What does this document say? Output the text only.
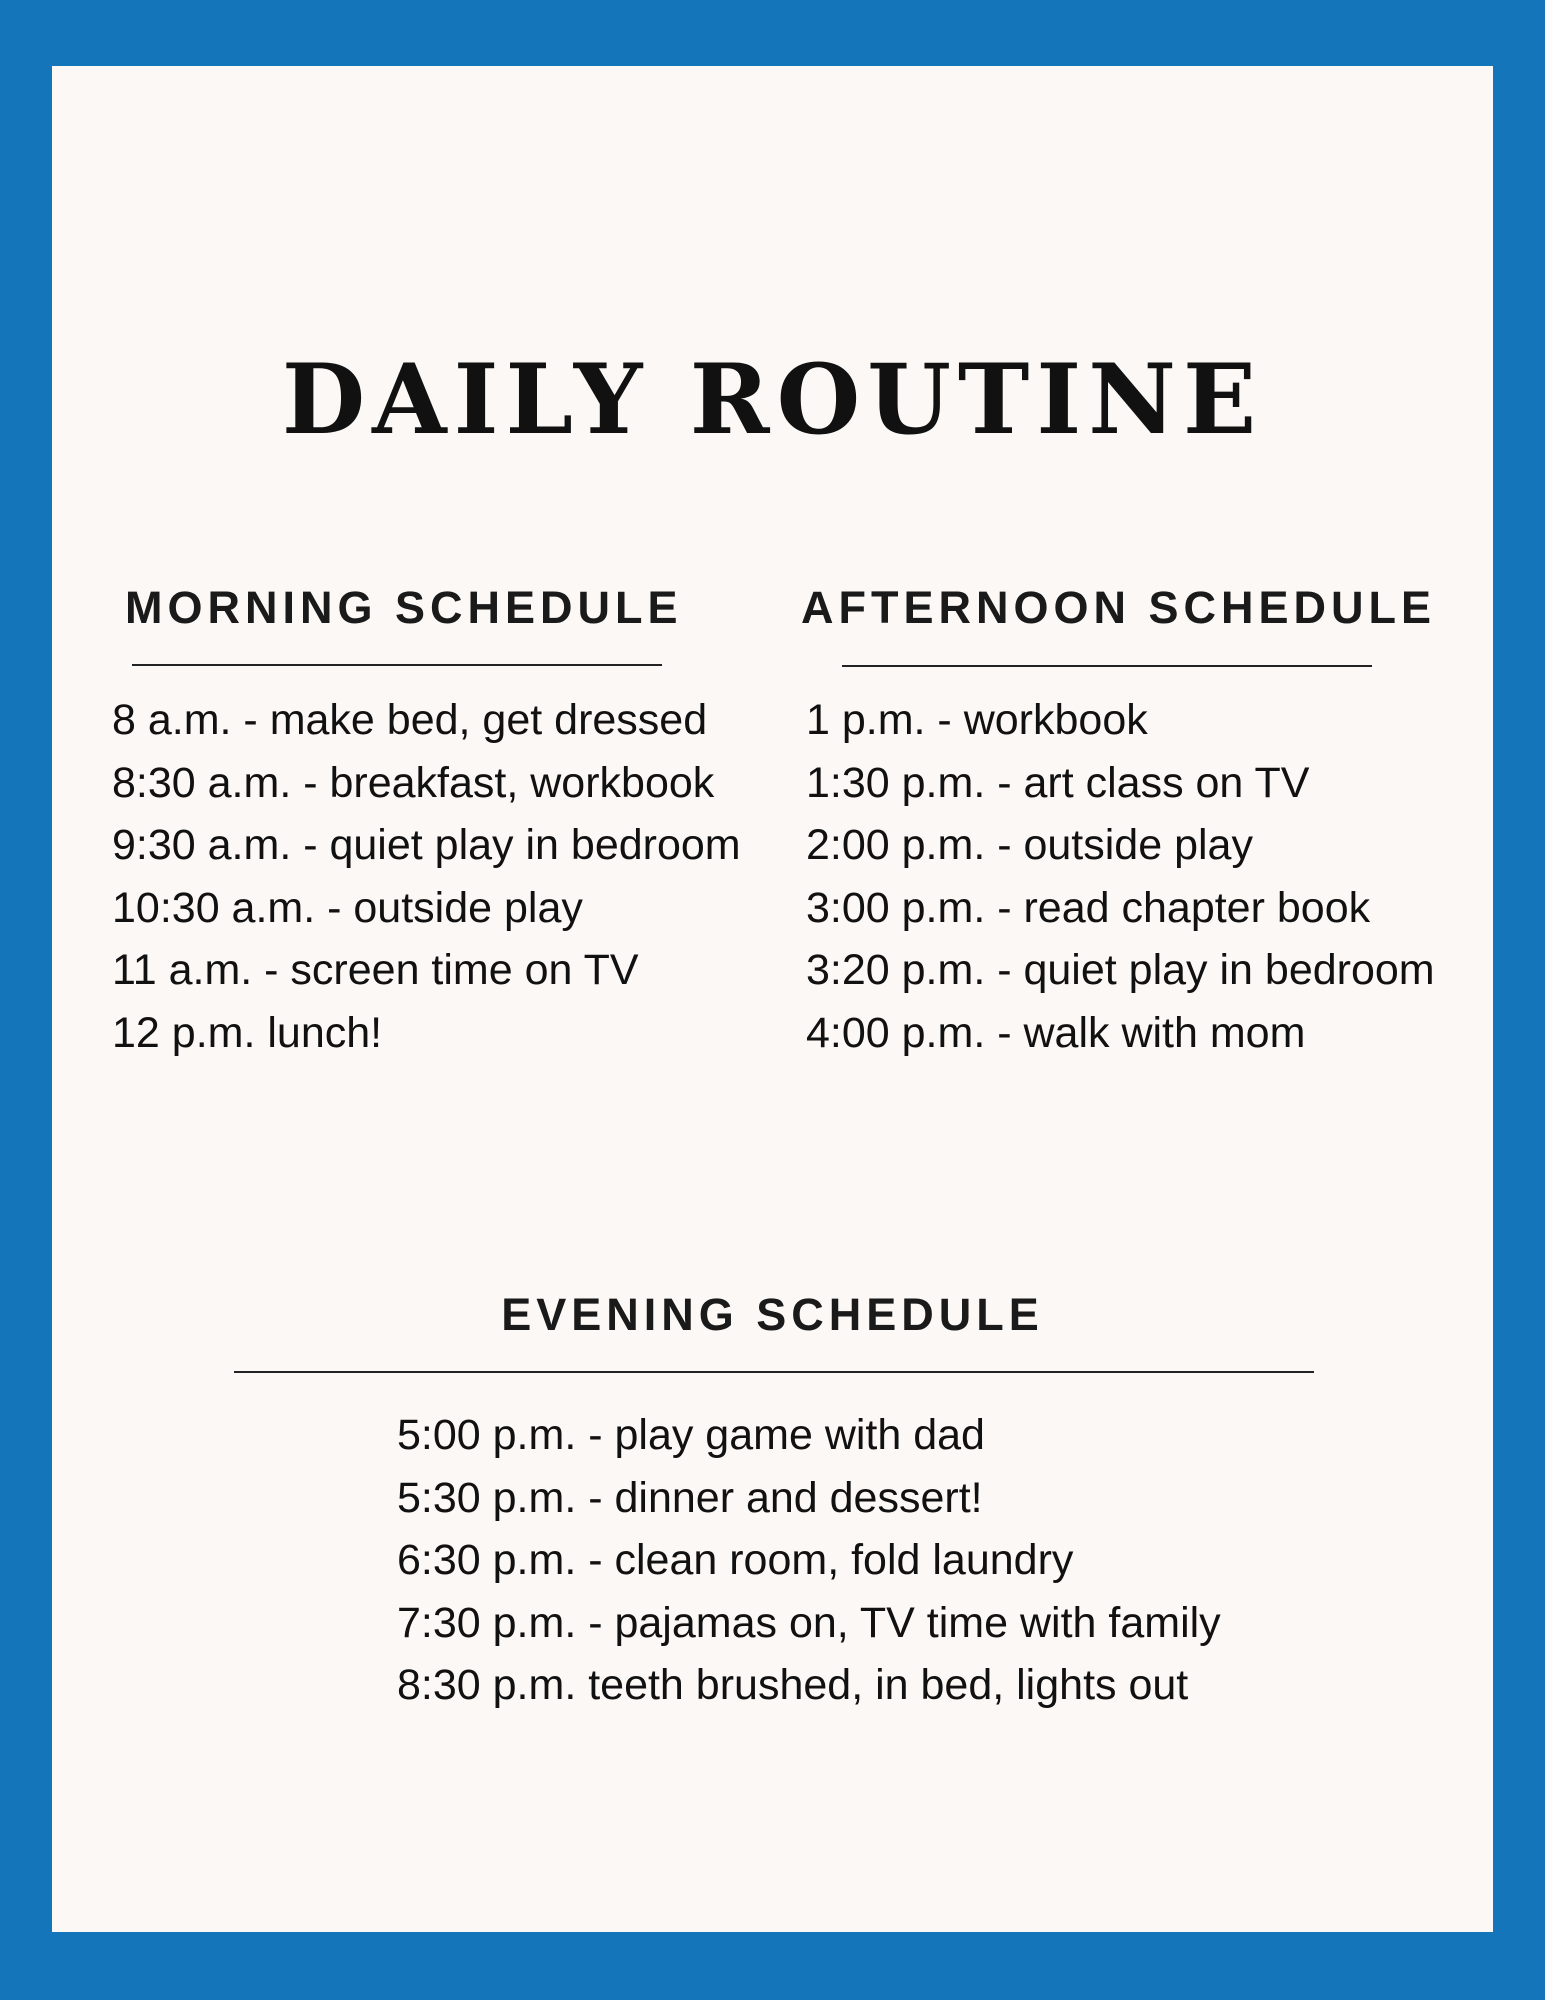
DAILY ROUTINE
MORNING SCHEDULE
8 a.m. - make bed, get dressed
8:30 a.m. - breakfast, workbook
9:30 a.m. - quiet play in bedroom
10:30 a.m. - outside play
11 a.m. - screen time on TV
12 p.m. lunch!
AFTERNOON SCHEDULE
1 p.m. - workbook
1:30 p.m. - art class on TV
2:00 p.m. - outside play
3:00 p.m. - read chapter book
3:20 p.m. - quiet play in bedroom
4:00 p.m. - walk with mom
EVENING SCHEDULE
5:00 p.m. - play game with dad
5:30 p.m. - dinner and dessert!
6:30 p.m. - clean room, fold laundry
7:30 p.m. - pajamas on, TV time with family
8:30 p.m. teeth brushed, in bed, lights out
